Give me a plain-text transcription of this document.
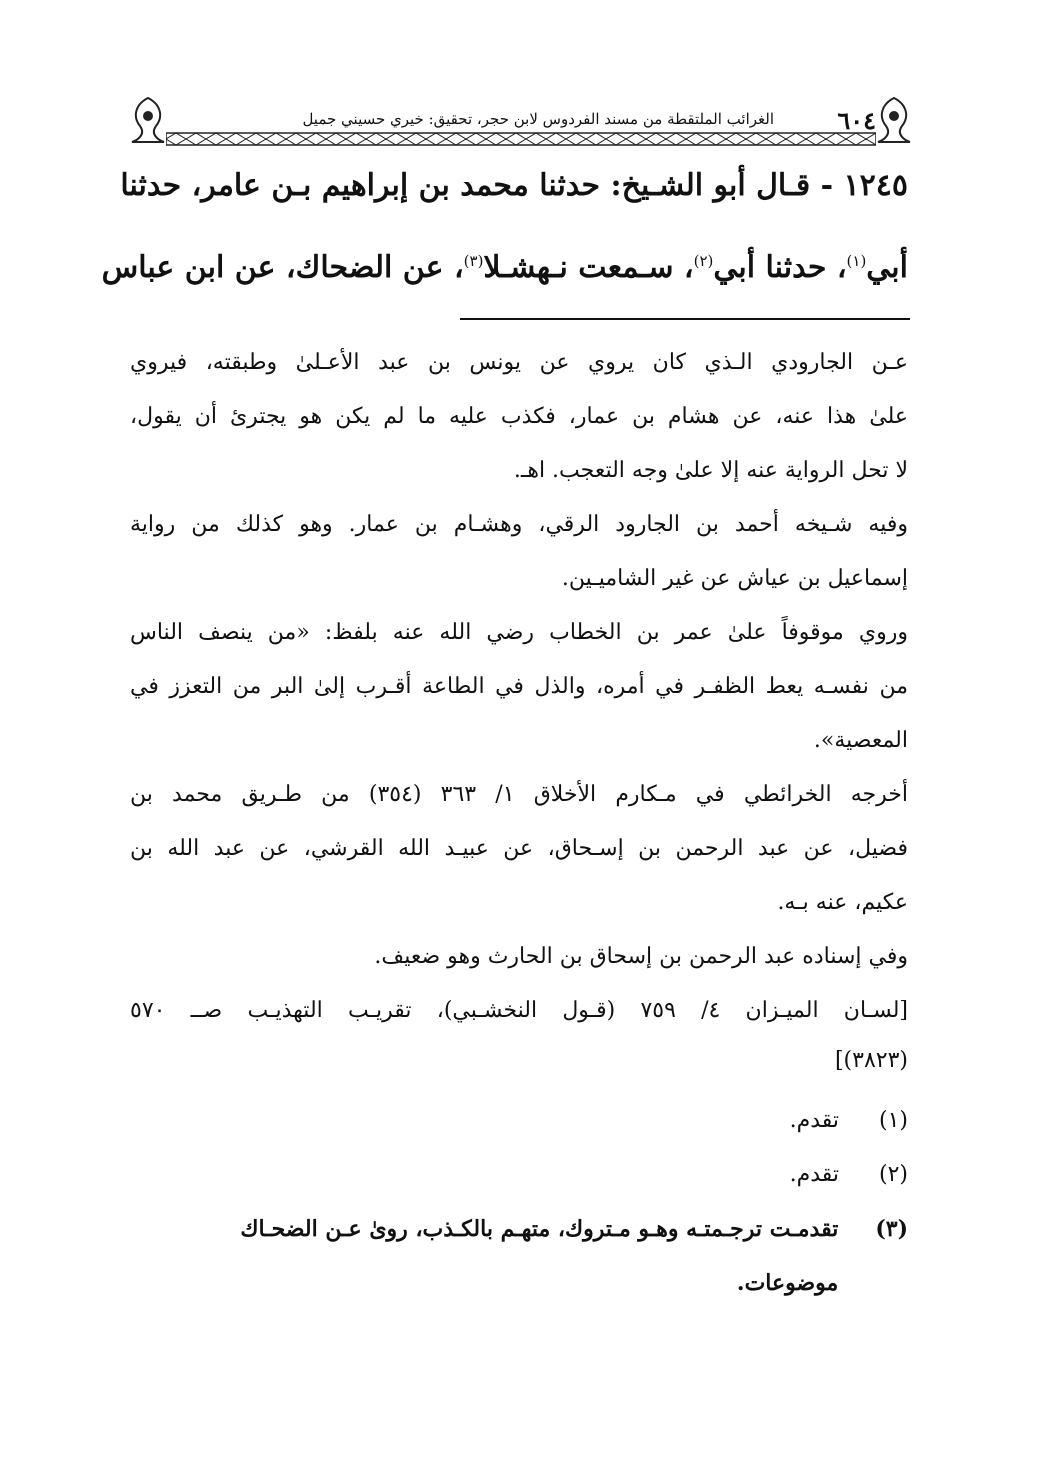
٦٠٤
الغرائب الملتقطة من مسند الفردوس لابن حجر، تحقيق: خيري حسيني جميل
١٢٤٥ - قـال أبو الشـيخ: حدثنا محمد بن إبراهيم بـن عامر، حدثنا
أبي$^{(١)}$، حدثنا أبي$^{(٢)}$، سـمعت نـهشـلا$^{(٣)}$، عن الضحاك، عن ابن عباس
عـن الجارودي الـذي كان يروي عن يونس بن عبد الأعـلىٰ وطبقته، فيروي
علىٰ هذا عنه، عن هشام بن عمار، فكذب عليه ما لم يكن هو يجترئ أن يقول،
لا تحل الرواية عنه إلا علىٰ وجه التعجب. اهـ.
وفيه شـيخه أحمد بن الجارود الرقي، وهشـام بن عمار. وهو كذلك من رواية
إسماعيل بن عياش عن غير الشاميـين.
وروي موقوفاً علىٰ عمر بن الخطاب رضي الله عنه بلفظ: «من ينصف الناس
من نفسـه يعط الظفـر في أمره، والذل في الطاعة أقـرب إلىٰ البر من التعزز في
المعصية».
أخرجه الخرائطي في مـكارم الأخلاق ١/ ٣٦٣ (٣٥٤) من طـريق محمد بن
فضيل، عن عبد الرحمن بن إسـحاق، عن عبيـد الله القرشي، عن عبد الله بن
عكيم، عنه بـه.
وفي إسناده عبد الرحمن بن إسحاق بن الحارث وهو ضعيف.
[لسـان الميـزان ٤/ ٧٥٩ (قـول النخشـبي)، تقريـب التهذيـب صــ ٥٧٠
(٣٨٢٣)]
(١) تقدم.
(٢) تقدم.
(٣) تقدمـت ترجـمتـه وهـو مـتروك، متهـم بالكـذب، روىٰ عـن الضحـاك
موضوعات.
